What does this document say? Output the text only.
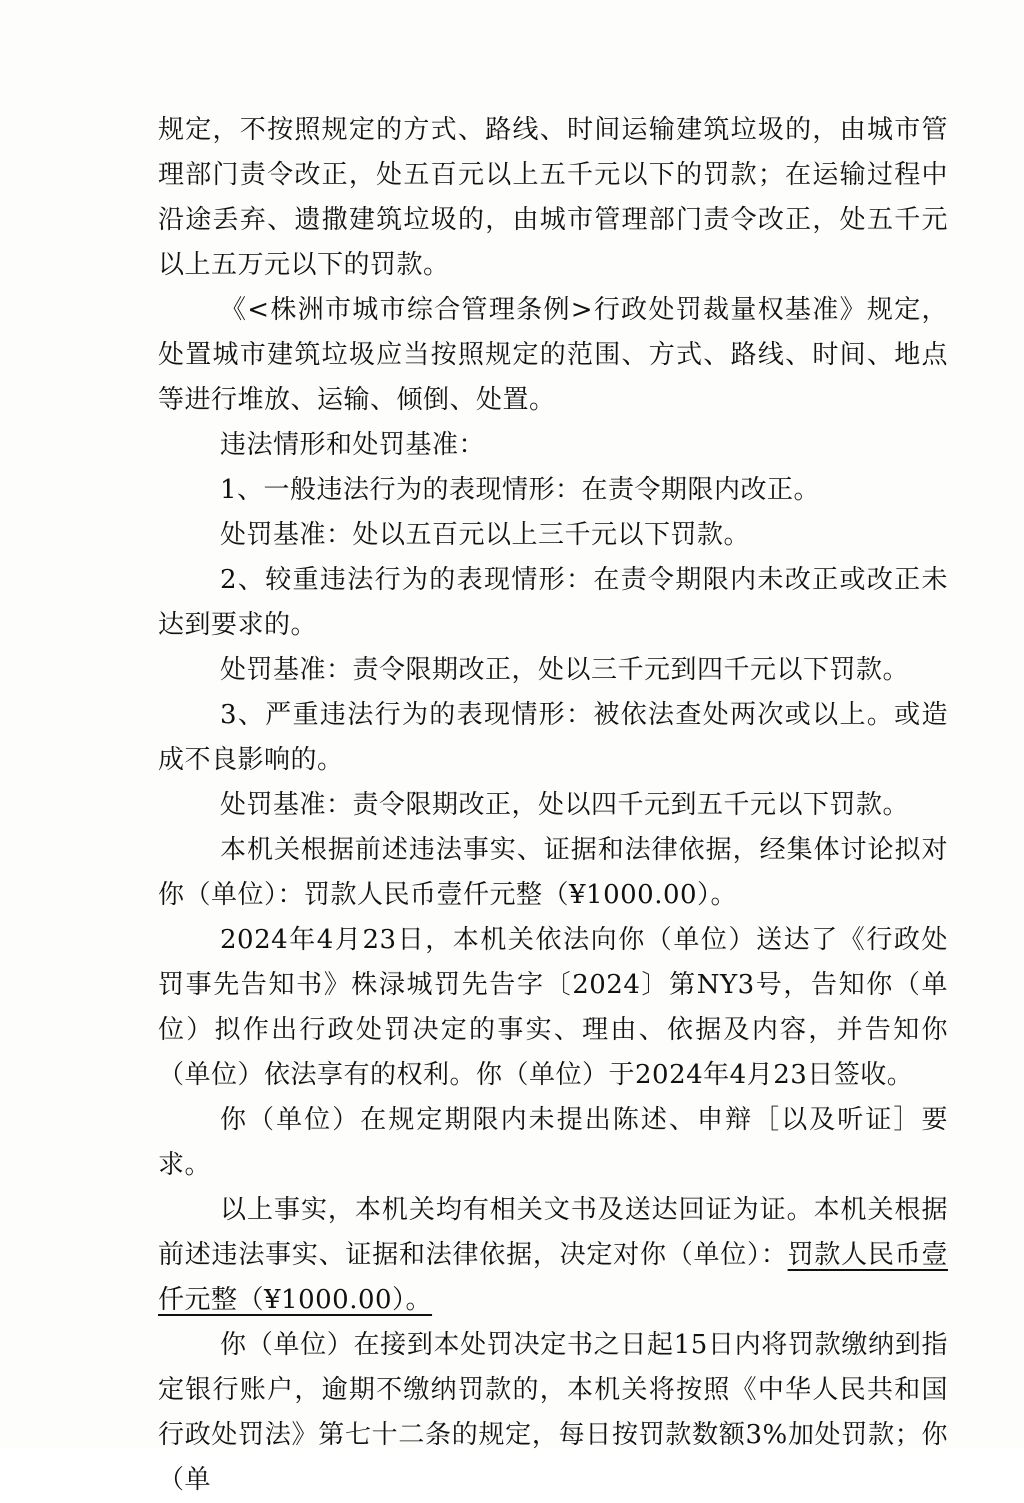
规定，不按照规定的方式、路线、时间运输建筑垃圾的，由城市管理部门责令改正，处五百元以上五千元以下的罚款；在运输过程中沿途丢弃、遗撒建筑垃圾的，由城市管理部门责令改正，处五千元以上五万元以下的罚款。

《<株洲市城市综合管理条例>行政处罚裁量权基准》规定，处置城市建筑垃圾应当按照规定的范围、方式、路线、时间、地点等进行堆放、运输、倾倒、处置。

违法情形和处罚基准：

1、一般违法行为的表现情形：在责令期限内改正。

处罚基准：处以五百元以上三千元以下罚款。

2、较重违法行为的表现情形：在责令期限内未改正或改正未达到要求的。

处罚基准：责令限期改正，处以三千元到四千元以下罚款。

3、严重违法行为的表现情形：被依法查处两次或以上。或造成不良影响的。

处罚基准：责令限期改正，处以四千元到五千元以下罚款。

本机关根据前述违法事实、证据和法律依据，经集体讨论拟对你（单位）：罚款人民币壹仟元整（¥1000.00）。

2024年4月23日，本机关依法向你（单位）送达了《行政处罚事先告知书》株渌城罚先告字〔2024〕第NY3号，告知你（单位）拟作出行政处罚决定的事实、理由、依据及内容，并告知你（单位）依法享有的权利。你（单位）于2024年4月23日签收。

你（单位）在规定期限内未提出陈述、申辩［以及听证］要求。

以上事实，本机关均有相关文书及送达回证为证。本机关根据前述违法事实、证据和法律依据，决定对你（单位）：罚款人民币壹仟元整（¥1000.00）。

你（单位）在接到本处罚决定书之日起15日内将罚款缴纳到指定银行账户，逾期不缴纳罚款的，本机关将按照《中华人民共和国行政处罚法》第七十二条的规定，每日按罚款数额3%加处罚款；你（单
